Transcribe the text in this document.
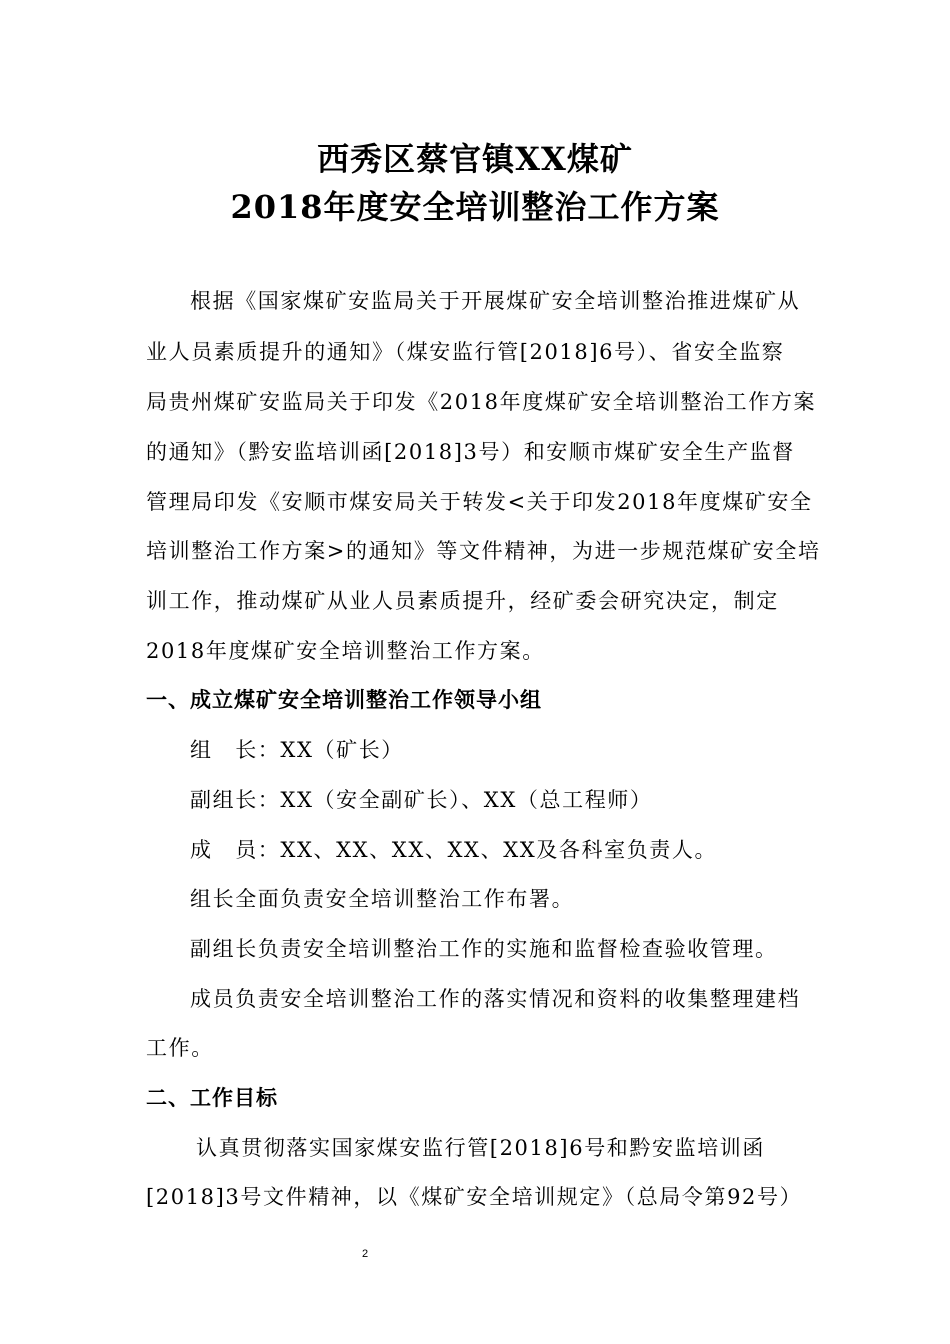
西秀区蔡官镇XX煤矿
2018年度安全培训整治工作方案
根据《国家煤矿安监局关于开展煤矿安全培训整治推进煤矿从
业人员素质提升的通知》（煤安监行管[2018]6号）、省安全监察
局贵州煤矿安监局关于印发《2018年度煤矿安全培训整治工作方案
的通知》（黔安监培训函[2018]3号）和安顺市煤矿安全生产监督
管理局印发《安顺市煤安局关于转发<关于印发2018年度煤矿安全
培训整治工作方案>的通知》等文件精神，为进一步规范煤矿安全培
训工作，推动煤矿从业人员素质提升，经矿委会研究决定，制定
2018年度煤矿安全培训整治工作方案。
一、成立煤矿安全培训整治工作领导小组
组　长：XX（矿长）
副组长：XX（安全副矿长）、XX（总工程师）
成　员：XX、XX、XX、XX、XX及各科室负责人。
组长全面负责安全培训整治工作布署。
副组长负责安全培训整治工作的实施和监督检查验收管理。
成员负责安全培训整治工作的落实情况和资料的收集整理建档
工作。
二、工作目标
认真贯彻落实国家煤安监行管[2018]6号和黔安监培训函
[2018]3号文件精神，以《煤矿安全培训规定》（总局令第92号）
2
